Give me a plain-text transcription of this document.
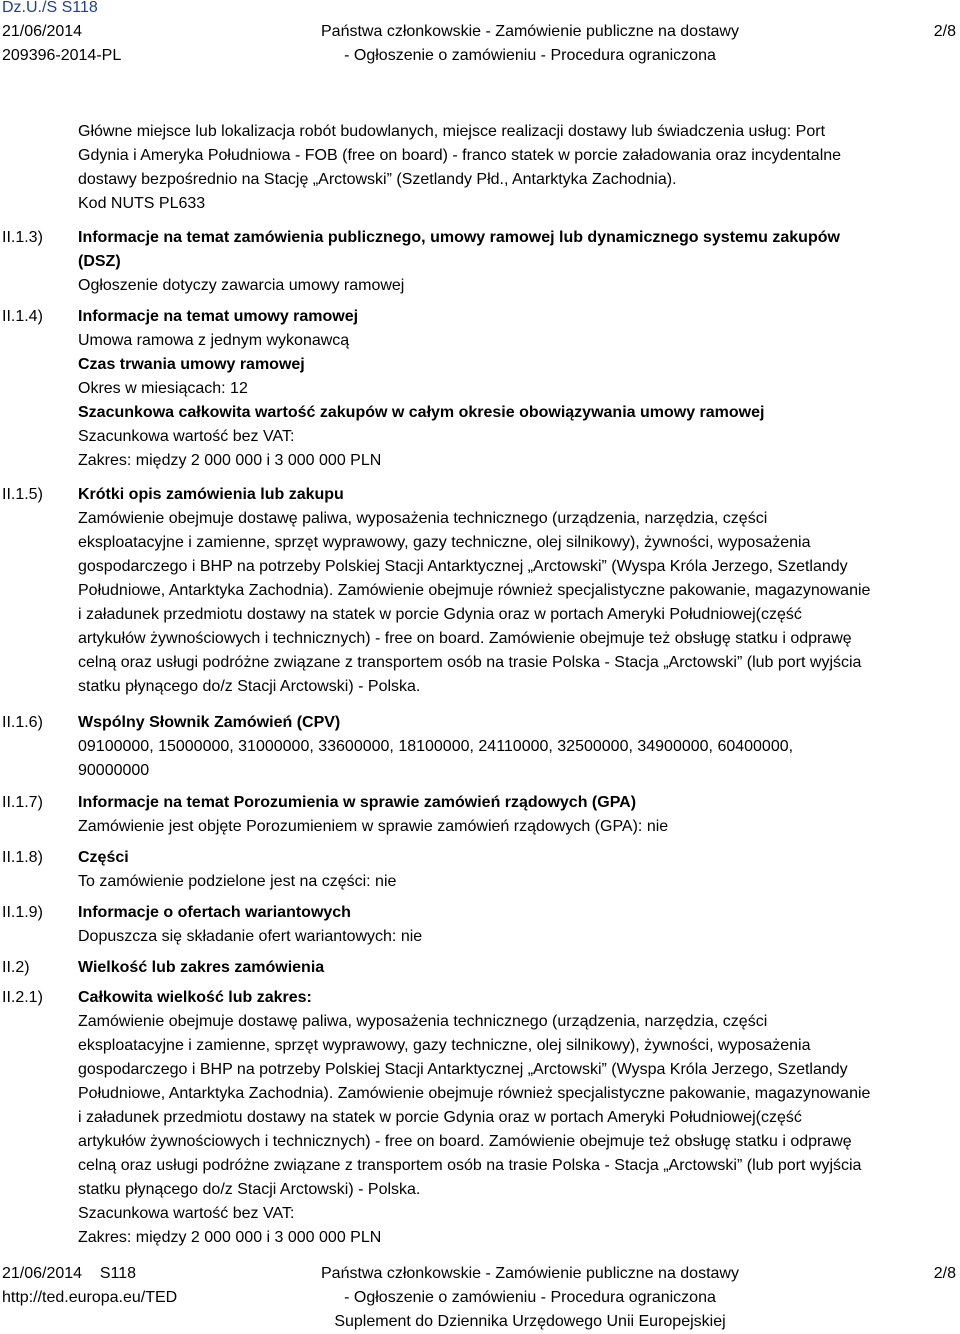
Dz.U./S S118
21/06/2014
209396-2014-PL
Państwa członkowskie - Zamówienie publiczne na dostawy
- Ogłoszenie o zamówieniu - Procedura ograniczona
2/8

Główne miejsce lub lokalizacja robót budowlanych, miejsce realizacji dostawy lub świadczenia usług: Port

Gdynia i Ameryka Południowa - FOB (free on board) - franco statek w porcie załadowania oraz incydentalne

dostawy bezpośrednio na Stację „Arctowski” (Szetlandy Płd., Antarktyka Zachodnia).

Kod NUTS PL633

II.1.3)	Informacje na temat zamówienia publicznego, umowy ramowej lub dynamicznego systemu zakupów

(DSZ)

Ogłoszenie dotyczy zawarcia umowy ramowej

II.1.4)	Informacje na temat umowy ramowej

Umowa ramowa z jednym wykonawcą

Czas trwania umowy ramowej

Okres w miesiącach: 12

Szacunkowa całkowita wartość zakupów w całym okresie obowiązywania umowy ramowej

Szacunkowa wartość bez VAT:

Zakres: między 2 000 000 i 3 000 000 PLN

II.1.5)	Krótki opis zamówienia lub zakupu

Zamówienie obejmuje dostawę paliwa, wyposażenia technicznego (urządzenia, narzędzia, części

eksploatacyjne i zamienne, sprzęt wyprawowy, gazy techniczne, olej silnikowy), żywności, wyposażenia

gospodarczego i BHP na potrzeby Polskiej Stacji Antarktycznej „Arctowski” (Wyspa Króla Jerzego, Szetlandy

Południowe, Antarktyka Zachodnia). Zamówienie obejmuje również specjalistyczne pakowanie, magazynowanie

i załadunek przedmiotu dostawy na statek w porcie Gdynia oraz w portach Ameryki Południowej(część

artykułów żywnościowych i technicznych) - free on board. Zamówienie obejmuje też obsługę statku i odprawę

celną oraz usługi podróżne związane z transportem osób na trasie Polska - Stacja „Arctowski” (lub port wyjścia

statku płynącego do/z Stacji Arctowski) - Polska.

II.1.6)	Wspólny Słownik Zamówień (CPV)

09100000, 15000000, 31000000, 33600000, 18100000, 24110000, 32500000, 34900000, 60400000,

90000000

II.1.7)	Informacje na temat Porozumienia w sprawie zamówień rządowych (GPA)

Zamówienie jest objęte Porozumieniem w sprawie zamówień rządowych (GPA): nie

II.1.8)	Części

To zamówienie podzielone jest na części: nie

II.1.9)	Informacje o ofertach wariantowych

Dopuszcza się składanie ofert wariantowych: nie

II.2)	Wielkość lub zakres zamówienia

II.2.1)	Całkowita wielkość lub zakres:

Zamówienie obejmuje dostawę paliwa, wyposażenia technicznego (urządzenia, narzędzia, części

eksploatacyjne i zamienne, sprzęt wyprawowy, gazy techniczne, olej silnikowy), żywności, wyposażenia

gospodarczego i BHP na potrzeby Polskiej Stacji Antarktycznej „Arctowski” (Wyspa Króla Jerzego, Szetlandy

Południowe, Antarktyka Zachodnia). Zamówienie obejmuje również specjalistyczne pakowanie, magazynowanie

i załadunek przedmiotu dostawy na statek w porcie Gdynia oraz w portach Ameryki Południowej(część

artykułów żywnościowych i technicznych) - free on board. Zamówienie obejmuje też obsługę statku i odprawę

celną oraz usługi podróżne związane z transportem osób na trasie Polska - Stacja „Arctowski” (lub port wyjścia

statku płynącego do/z Stacji Arctowski) - Polska.

Szacunkowa wartość bez VAT:

Zakres: między 2 000 000 i 3 000 000 PLN

21/06/2014 S118
http://ted.europa.eu/TED
Państwa członkowskie - Zamówienie publiczne na dostawy
- Ogłoszenie o zamówieniu - Procedura ograniczona
Suplement do Dziennika Urzędowego Unii Europejskiej
2/8
